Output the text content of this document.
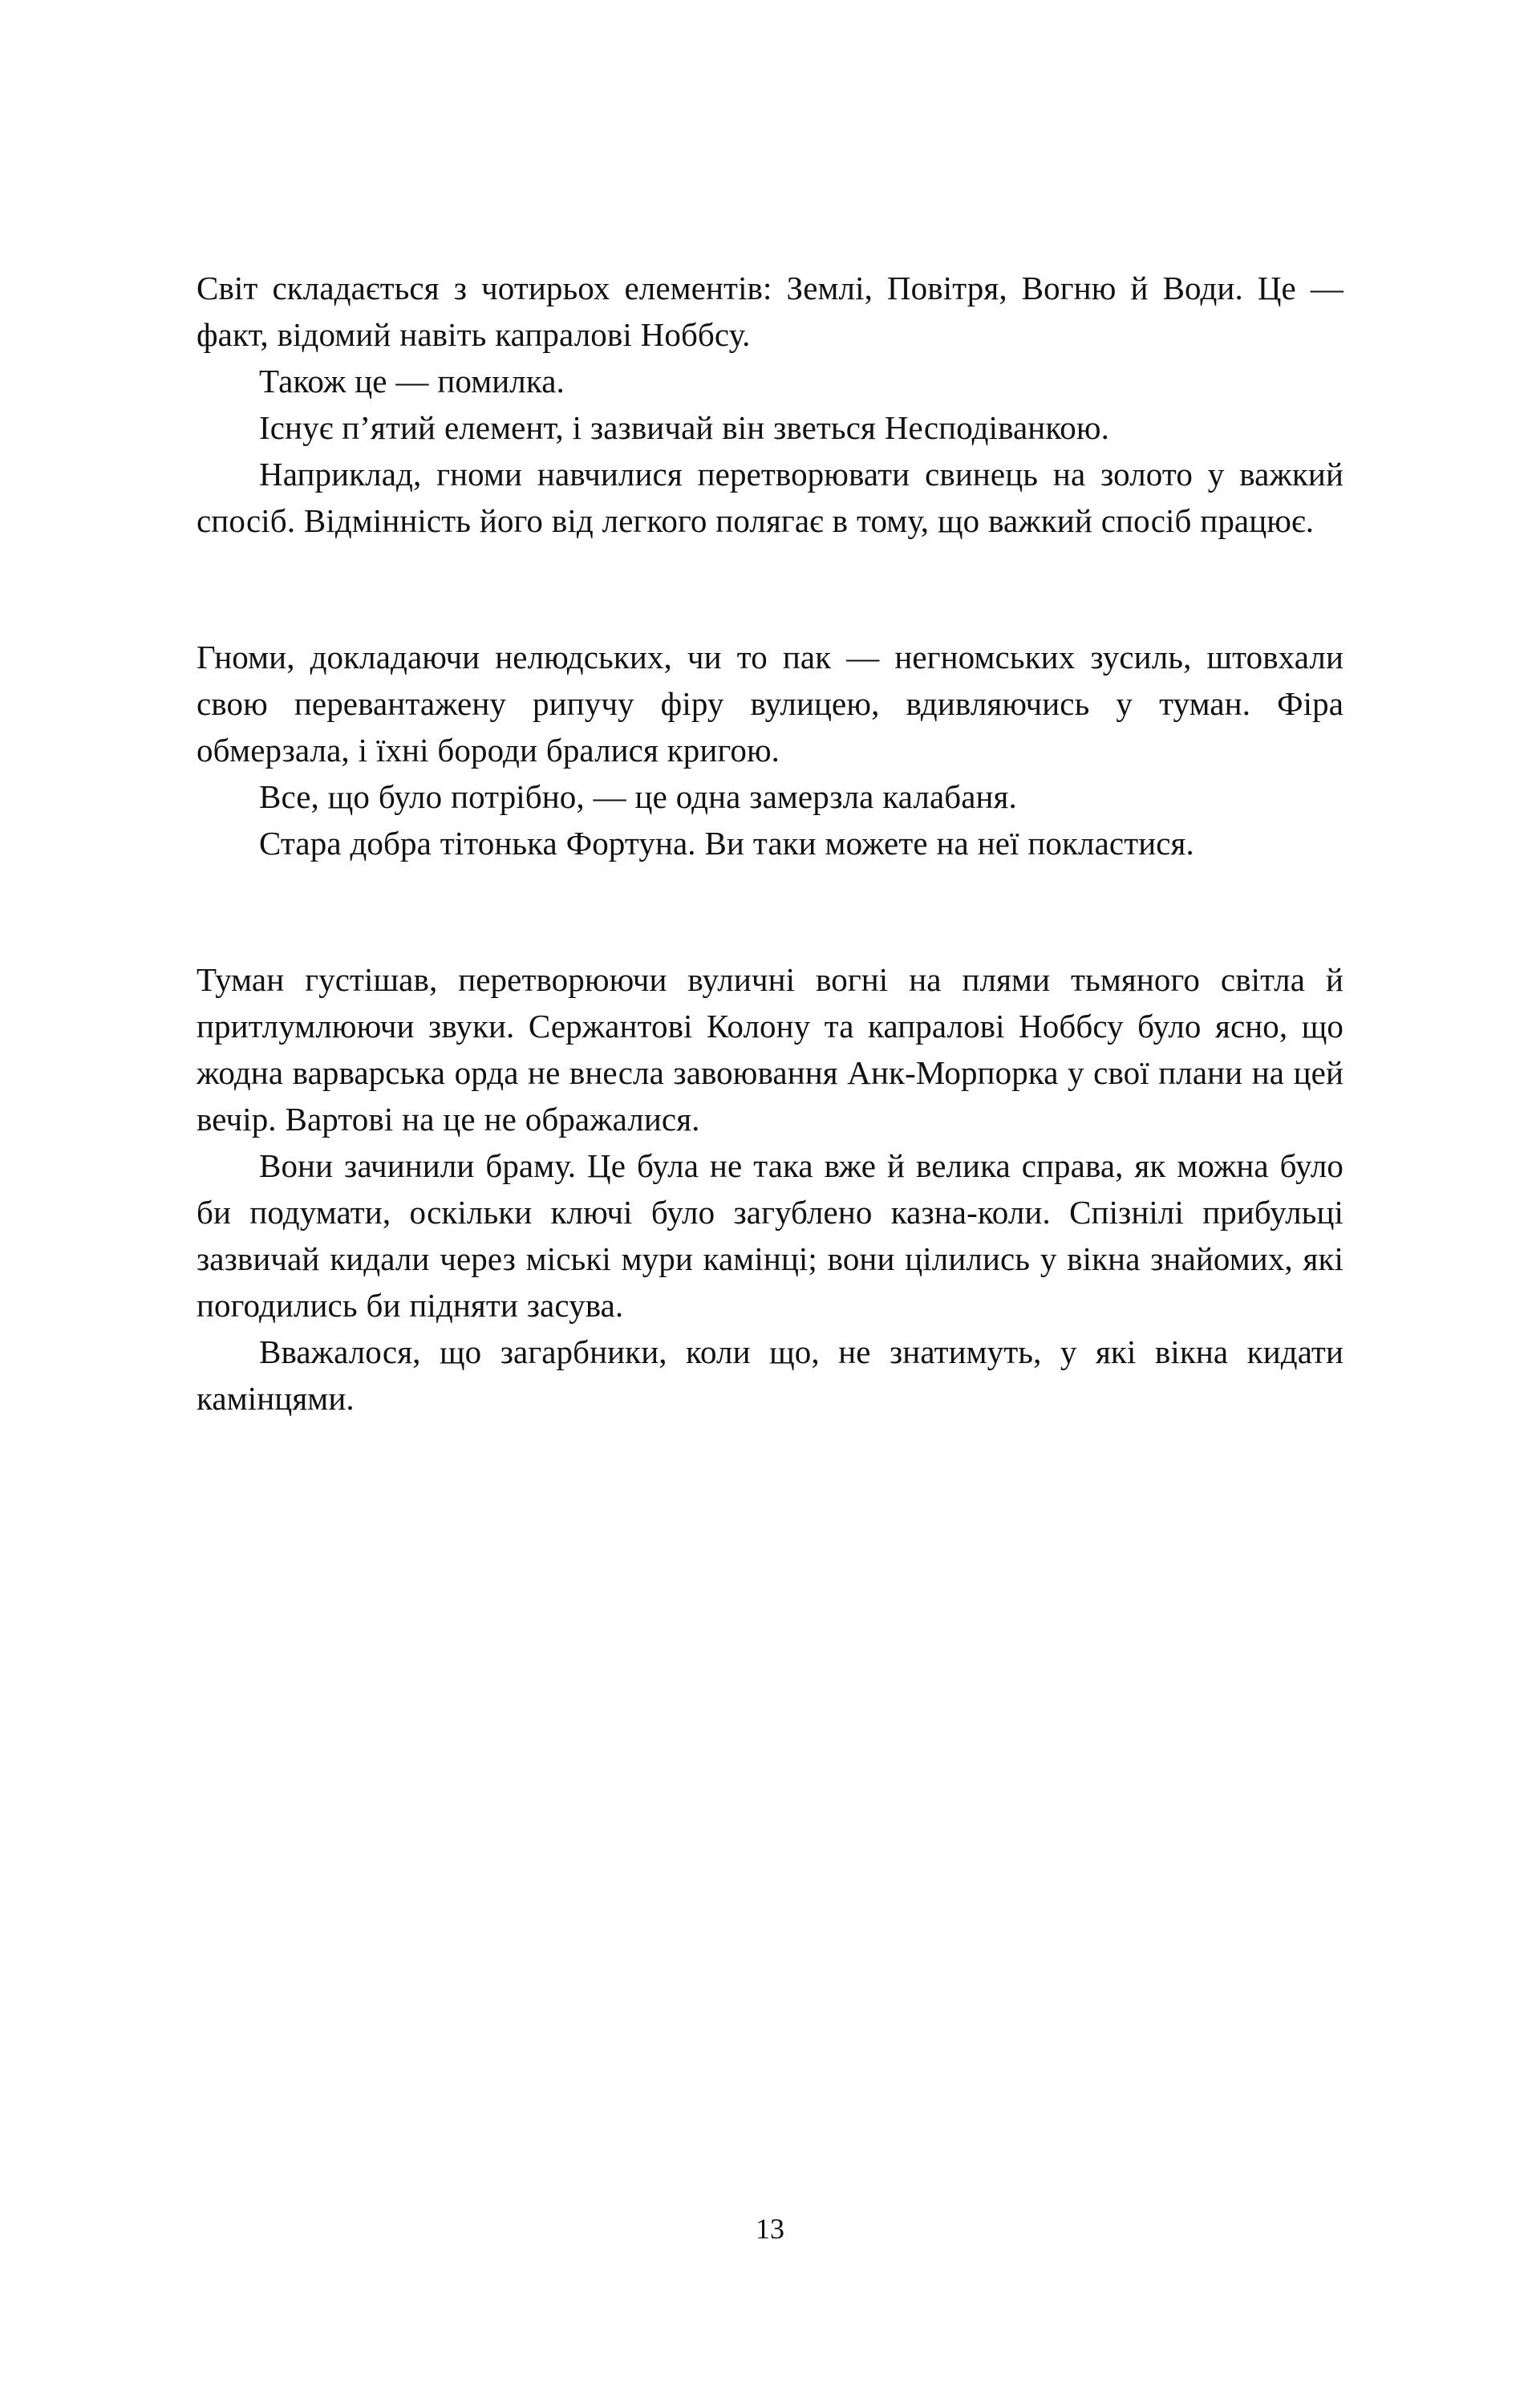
Світ складається з чотирьох елементів: Землі, Повітря, Вогню й Води. Це — факт, відомий навіть капралові Ноббсу.

Також це — помилка.

Існує п’ятий елемент, і зазвичай він зветься Несподіванкою.

Наприклад, гноми навчилися перетворювати свинець на золото у важкий спосіб. Відмінність його від легкого полягає в тому, що важкий спосіб працює.

Гноми, докладаючи нелюдських, чи то пак — негномських зусиль, штовхали свою перевантажену рипучу фіру вулицею, вдивляючись у туман. Фіра обмерзала, і їхні бороди бралися кригою.

Все, що було потрібно, — це одна замерзла калабаня.

Стара добра тітонька Фортуна. Ви таки можете на неї покластися.

Туман густішав, перетворюючи вуличні вогні на плями тьмяного світла й притлумлюючи звуки. Сержантові Колону та капралові Ноббсу було ясно, що жодна варварська орда не внесла завоювання Анк-Морпорка у свої плани на цей вечір. Вартові на це не ображалися.

Вони зачинили браму. Це була не така вже й велика справа, як можна було би подумати, оскільки ключі було загублено казна-коли. Спізнілі прибульці зазвичай кидали через міські мури камінці; вони цілились у вікна знайомих, які погодились би підняти засува.

Вважалося, що загарбники, коли що, не знатимуть, у які вікна кидати камінцями.

13
